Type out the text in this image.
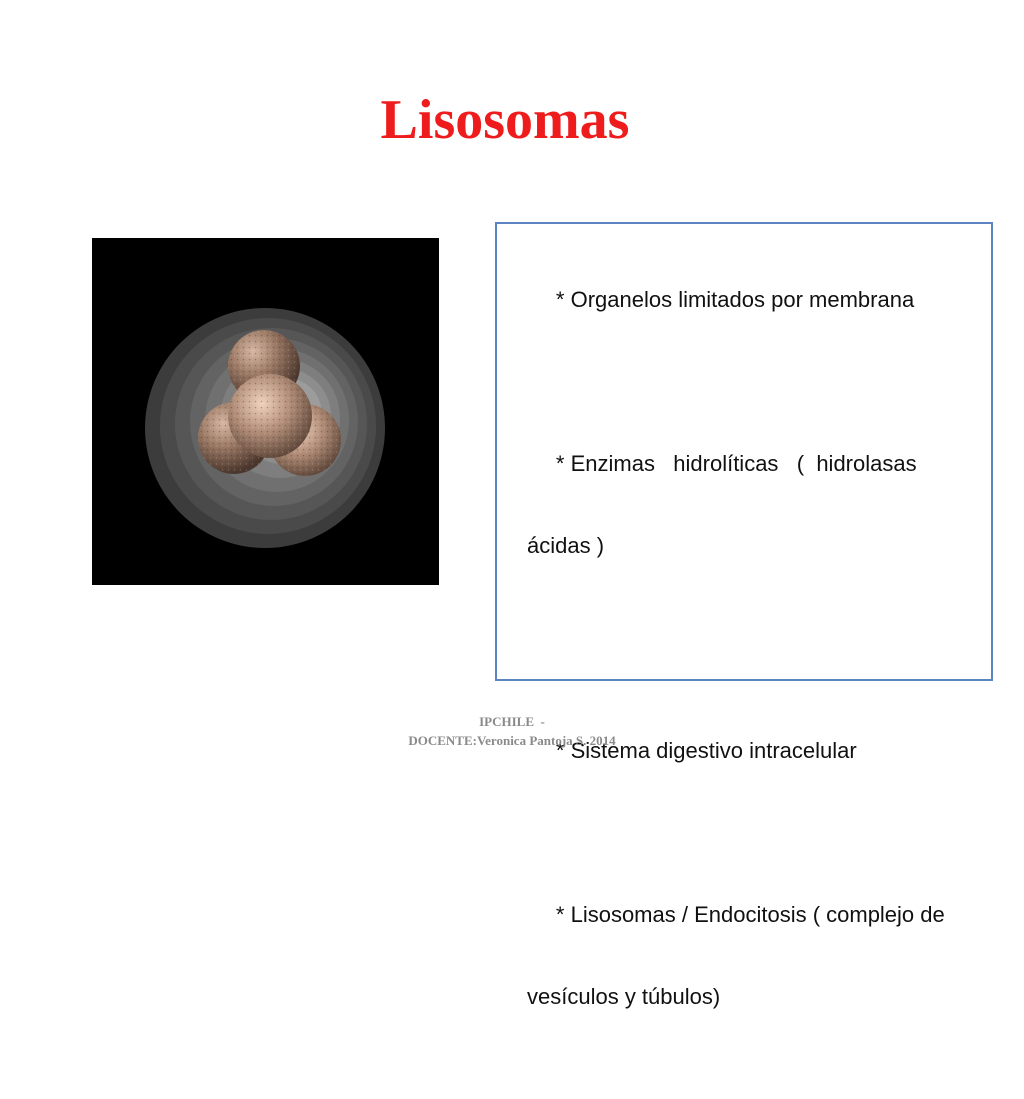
Lisosomas

* Organelos limitados por membrana

* Enzimas   hidrolíticas   (  hidrolasas

ácidas )

* Sistema digestivo intracelular

* Lisosomas / Endocitosis ( complejo de

vesículos y túbulos)

IPCHILE  -
DOCENTE:Veronica Pantoja S. 2014
